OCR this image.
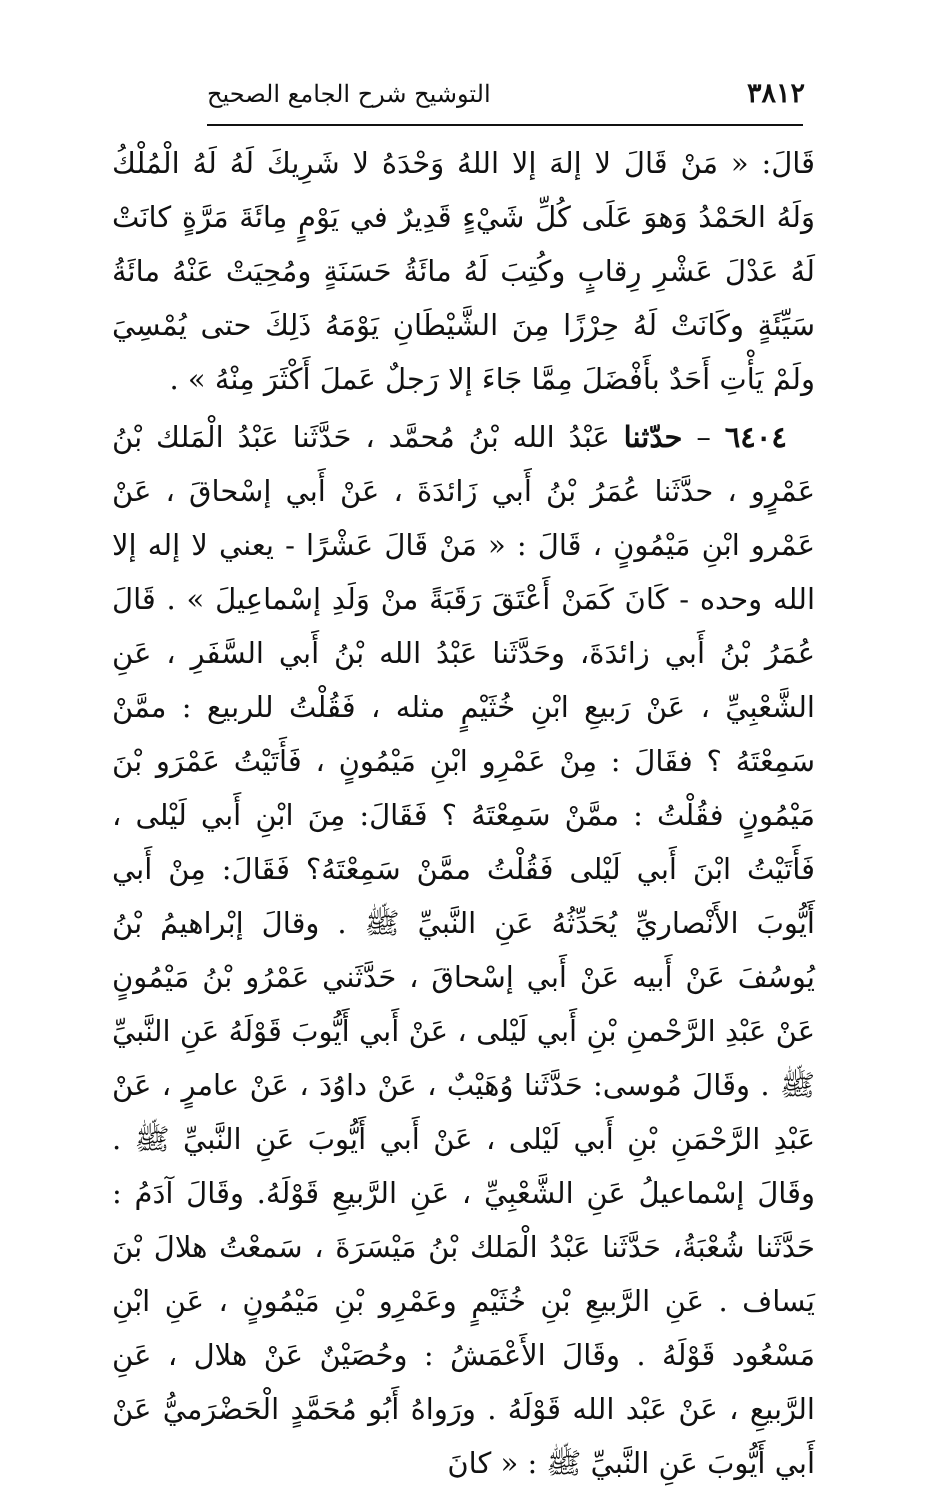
٣٨١٢
التوشيح شرح الجامع الصحيح

قَالَ: « مَنْ قَالَ لا إلهَ إلا اللهُ وَحْدَهُ لا شَرِيكَ لَهُ لَهُ الْمُلْكُ وَلَهُ الحَمْدُ وَهوَ عَلَى كُلِّ شَيْءٍ قَدِيرٌ في يَوْمٍ مِائَةَ مَرَّةٍ كانَتْ لَهُ عَدْلَ عَشْرِ رِقابٍ وكُتِبَ لَهُ مائَةُ حَسَنَةٍ ومُحِيَتْ عَنْهُ مائَةُ سَيِّئَةٍ وكَانَتْ لَهُ حِرْزًا مِنَ الشَّيْطَانِ يَوْمَهُ ذَلِكَ حتى يُمْسِيَ ولَمْ يَأْتِ أَحَدٌ بأَفْضَلَ مِمَّا جَاءَ إلا رَجلٌ عَملَ أَكْثَرَ مِنْهُ » .

٦٤٠٤ – حدّثنا عَبْدُ الله بْنُ مُحمَّد ، حَدَّثَنا عَبْدُ الْمَلك بْنُ عَمْرٍو ، حدَّثَنا عُمَرُ بْنُ أَبي زَائدَةَ ، عَنْ أَبي إسْحاقَ ، عَنْ عَمْرو ابْنِ مَيْمُونٍ ، قَالَ : « مَنْ قَالَ عَشْرًا - يعني لا إله إلا الله وحده - كَانَ كَمَنْ أَعْتَقَ رَقَبَةً منْ وَلَدِ إسْماعِيلَ » . قَالَ عُمَرُ بْنُ أَبي زائدَةَ، وحَدَّثَنا عَبْدُ الله بْنُ أَبي السَّفَرِ ، عَنِ الشَّعْبِيِّ ، عَنْ رَبيعِ ابْنِ خُثَيْمٍ مثله ، فَقُلْتُ للربيع : ممَّنْ سَمِعْتَهُ ؟ فقَالَ : مِنْ عَمْرِو ابْنِ مَيْمُونٍ ، فَأَتَيْتُ عَمْرَو بْنَ مَيْمُونٍ فقُلْتُ : ممَّنْ سَمِعْتَهُ ؟ فَقَالَ: مِنَ ابْنِ أَبي لَيْلى ، فَأَتَيْتُ ابْنَ أَبي لَيْلى فَقُلْتُ ممَّنْ سَمِعْتَهُ؟ فَقَالَ: مِنْ أَبي أَيُّوبَ الأَنْصاريِّ يُحَدِّثُهُ عَنِ النَّبيِّ ﷺ . وقالَ إبْراهيمُ بْنُ يُوسُفَ عَنْ أَبيه عَنْ أَبي إسْحاقَ ، حَدَّثَني عَمْرُو بْنُ مَيْمُونٍ عَنْ عَبْدِ الرَّحْمنِ بْنِ أَبي لَيْلى ، عَنْ أَبي أَيُّوبَ قَوْلَهُ عَنِ النَّبيِّ ﷺ . وقَالَ مُوسى: حَدَّثَنا وُهَيْبٌ ، عَنْ داوُدَ ، عَنْ عامرٍ ، عَنْ عَبْدِ الرَّحْمَنِ بْنِ أَبي لَيْلى ، عَنْ أَبي أَيُّوبَ عَنِ النَّبيِّ ﷺ . وقَالَ إسْماعيلُ عَنِ الشَّعْبِيِّ ، عَنِ الرَّبيعِ قَوْلَهُ. وقَالَ آدَمُ : حَدَّثَنا شُعْبَةُ، حَدَّثَنا عَبْدُ الْمَلك بْنُ مَيْسَرَةَ ، سَمعْتُ هلالَ بْنَ يَساف . عَنِ الرَّبيعِ بْنِ خُثَيْمٍ وعَمْرِو بْنِ مَيْمُونٍ ، عَنِ ابْنِ مَسْعُود قَوْلَهُ . وقَالَ الأَعْمَشُ : وحُصَيْنٌ عَنْ هلال ، عَنِ الرَّبيعِ ، عَنْ عَبْد الله قَوْلَهُ . ورَواهُ أَبُو مُحَمَّدٍ الْحَضْرَميُّ عَنْ أَبي أَيُّوبَ عَنِ النَّبيِّ ﷺ : « كانَ
